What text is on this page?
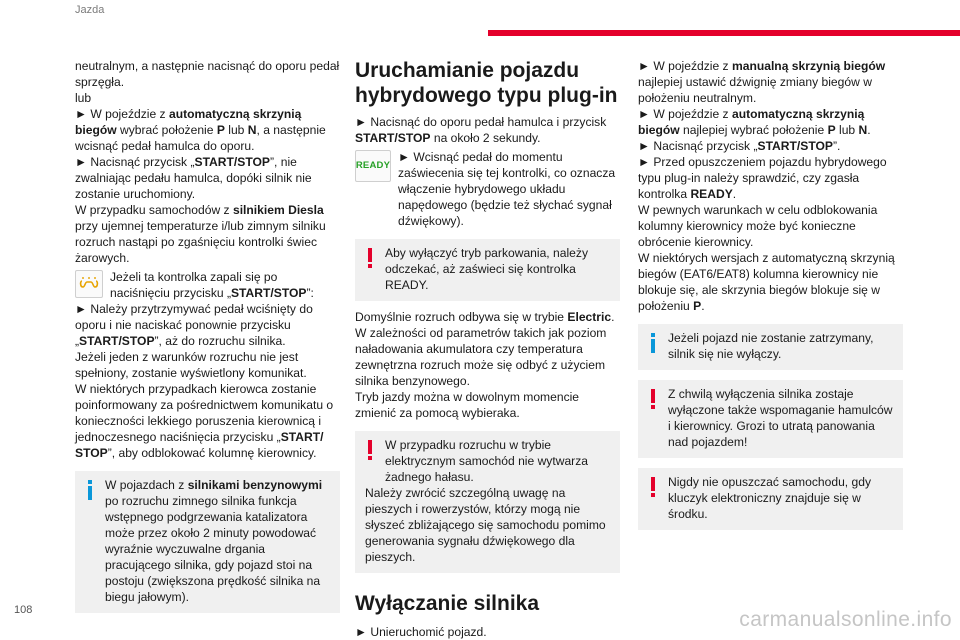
Jazda

neutralnym, a następnie nacisnąć do oporu pedał sprzęgła.

lub

► W pojeździe z automatyczną skrzynią biegów wybrać położenie P lub N, a następnie wcisnąć pedał hamulca do oporu.

► Nacisnąć przycisk „START/STOP”, nie zwalniając pedału hamulca, dopóki silnik nie zostanie uruchomiony.

W przypadku samochodów z silnikiem Diesla przy ujemnej temperaturze i/lub zimnym silniku rozruch nastąpi po zgaśnięciu kontrolki świec żarowych.

Jeżeli ta kontrolka zapali się po naciśnięciu przycisku „START/STOP”:

► Należy przytrzymywać pedał wciśnięty do oporu i nie naciskać ponownie przycisku „START/STOP”, aż do rozruchu silnika.

Jeżeli jeden z warunków rozruchu nie jest spełniony, zostanie wyświetlony komunikat.

W niektórych przypadkach kierowca zostanie poinformowany za pośrednictwem komunikatu o konieczności lekkiego poruszenia kierownicą i jednoczesnego naciśnięcia przycisku „START/ STOP”, aby odblokować kolumnę kierownicy.

W pojazdach z silnikami benzynowymi po rozruchu zimnego silnika funkcja wstępnego podgrzewania katalizatora może przez około 2 minuty powodować wyraźnie wyczuwalne drgania pracującego silnika, gdy pojazd stoi na postoju (zwiększona prędkość silnika na biegu jałowym).

Uruchamianie pojazdu hybrydowego typu plug-in

► Nacisnąć do oporu pedał hamulca i przycisk START/STOP na około 2 sekundy.

READY

► Wcisnąć pedał do momentu zaświecenia się tej kontrolki, co oznacza włączenie hybrydowego układu napędowego (będzie też słychać sygnał dźwiękowy).

Aby wyłączyć tryb parkowania, należy odczekać, aż zaświeci się kontrolka READY.

Domyślnie rozruch odbywa się w trybie Electric.

W zależności od parametrów takich jak poziom naładowania akumulatora czy temperatura zewnętrzna rozruch może się odbyć z użyciem silnika benzynowego.

Tryb jazdy można w dowolnym momencie zmienić za pomocą wybieraka.

W przypadku rozruchu w trybie elektrycznym samochód nie wytwarza żadnego hałasu.

Należy zwrócić szczególną uwagę na pieszych i rowerzystów, którzy mogą nie słyszeć zbliżającego się samochodu pomimo generowania sygnału dźwiękowego dla pieszych.

Wyłączanie silnika

► Unieruchomić pojazd.

► W pojeździe z manualną skrzynią biegów najlepiej ustawić dźwignię zmiany biegów w położeniu neutralnym.

► W pojeździe z automatyczną skrzynią biegów najlepiej wybrać położenie P lub N.

► Nacisnąć przycisk „START/STOP”.

► Przed opuszczeniem pojazdu hybrydowego typu plug-in należy sprawdzić, czy zgasła kontrolka READY.

W pewnych warunkach w celu odblokowania kolumny kierownicy może być konieczne obrócenie kierownicy.

W niektórych wersjach z automatyczną skrzynią biegów (EAT6/EAT8) kolumna kierownicy nie blokuje się, ale skrzynia biegów blokuje się w położeniu P.

Jeżeli pojazd nie zostanie zatrzymany, silnik się nie wyłączy.

Z chwilą wyłączenia silnika zostaje wyłączone także wspomaganie hamulców i kierownicy. Grozi to utratą panowania nad pojazdem!

Nigdy nie opuszczać samochodu, gdy kluczyk elektroniczny znajduje się w środku.

108	carmanualsonline.info
